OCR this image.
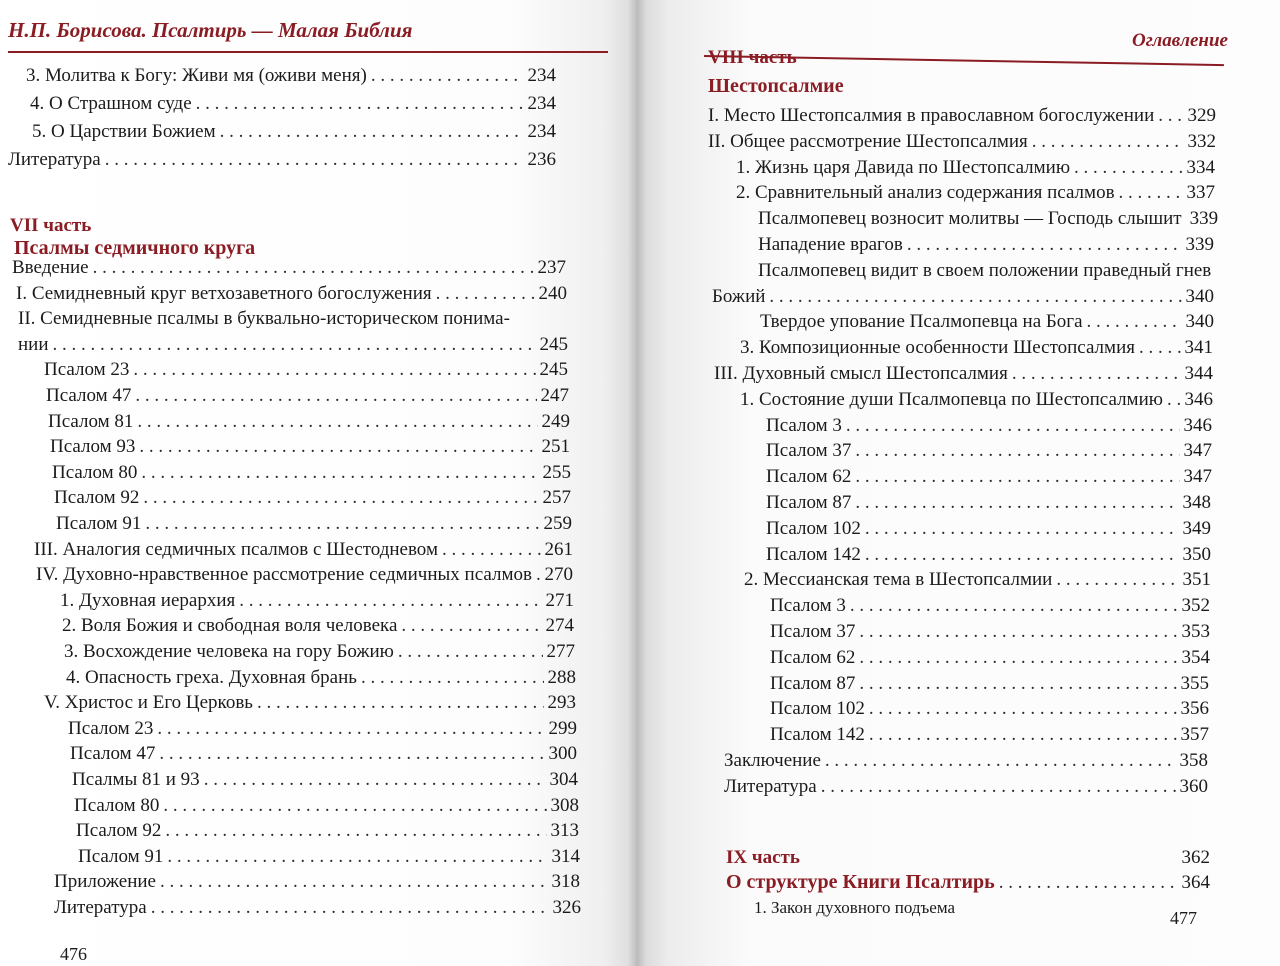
Н.П. Борисова. Псалтирь — Малая Библия
3. Молитва к Богу: Живи мя (оживи меня) . . .	234
4. О Страшном суде . . .	234
5. О Царствии Божием . . .	234
Литература . . .	236
VII часть
Псалмы седмичного круга
Введение . . .	237
I. Семидневный круг ветхозаветного богослужения . . .	240
II. Семидневные псалмы в буквально-историческом понима-
нии . . .	245
Псалом 23 . . .	245
Псалом 47 . . .	247
Псалом 81 . . .	249
Псалом 93 . . .	251
Псалом 80 . . .	255
Псалом 92 . . .	257
Псалом 91 . . .	259
III. Аналогия седмичных псалмов с Шестодневом . . .	261
IV. Духовно-нравственное рассмотрение седмичных псалмов . . . 270
1. Духовная иерархия . . .	271
2. Воля Божия и свободная воля человека . . .	274
3. Восхождение человека на гору Божию . . .	277
4. Опасность греха. Духовная брань . . .	288
V. Христос и Его Церковь . . .	293
Псалом 23 . . .	299
Псалом 47 . . .	300
Псалмы 81 и 93 . . .	304
Псалом 80 . . .	308
Псалом 92 . . .	313
Псалом 91 . . .	314
Приложение . . .	318
Литература . . .	326
476
Оглавление
VIII часть
Шестопсалмие
I. Место Шестопсалмия в православном богослужении . . . 329
II. Общее рассмотрение Шестопсалмия . . .	332
1. Жизнь царя Давида по Шестопсалмию . . .	334
2. Сравнительный анализ содержания псалмов . . .	337
Псалмопевец возносит молитвы — Господь слышит 339
Нападение врагов . . .	339
Псалмопевец видит в своем положении праведный гнев
Божий . . .	340
Твердое упование Псалмопевца на Бога . . .	340
3. Композиционные особенности Шестопсалмия . . .	341
III. Духовный смысл Шестопсалмия . . .	344
1. Состояние души Псалмопевца по Шестопсалмию . . . 346
Псалом 3 . . .	346
Псалом 37 . . .	347
Псалом 62 . . .	347
Псалом 87 . . .	348
Псалом 102 . . .	349
Псалом 142 . . .	350
2. Мессианская тема в Шестопсалмии . . .	351
Псалом 3 . . .	352
Псалом 37 . . .	353
Псалом 62 . . .	354
Псалом 87 . . .	355
Псалом 102 . . .	356
Псалом 142 . . .	357
Заключение . . .	358
Литература . . .	360
IX часть	362
О структуре Книги Псалтирь . . .	364
1. Закон духовного подъема
477
